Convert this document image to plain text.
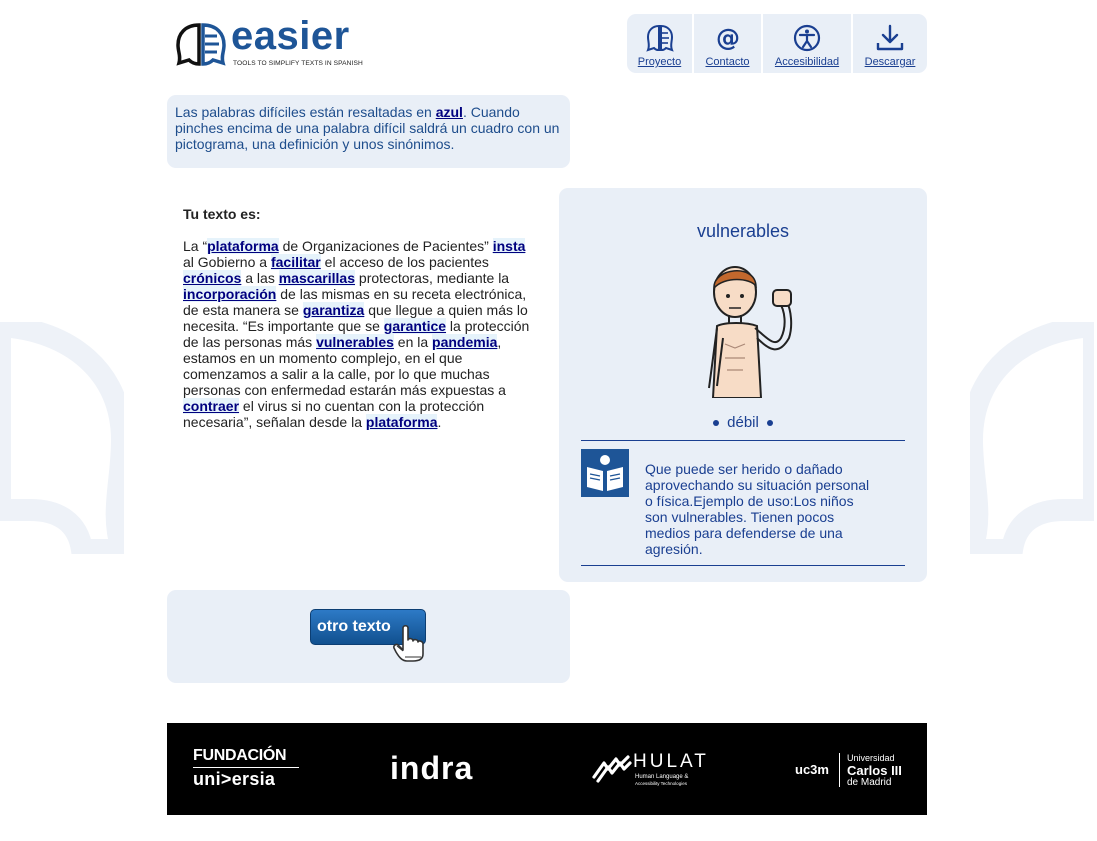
easier
TOOLS TO SIMPLIFY TEXTS IN SPANISH	Proyecto
@
Contacto Accesibilidad Descargar
Las palabras difíciles están resaltadas en azul. Cuando pinches encima de una palabra difícil saldrá un cuadro con un pictograma, una definición y unos sinónimos.
Tu texto es:
La “plataforma de Organizaciones de Pacientes” insta al Gobierno a facilitar el acceso de los pacientes crónicos a las mascarillas protectoras, mediante la incorporación de las mismas en su receta electrónica, de esta manera se garantiza que llegue a quien más lo necesita. “Es importante que se garantice la protección de las personas más vulnerables en la pandemia, estamos en un momento complejo, en el que comenzamos a salir a la calle, por lo que muchas personas con enfermedad estarán más expuestas a contraer el virus si no cuentan con la protección necesaria”, señalan desde la plataforma.
vulnerables
débil
Que puede ser herido o dañado aprovechando su situación personal o física.Ejemplo de uso:Los niños son vulnerables. Tienen pocos medios para defenderse de una agresión.
otro texto
FUNDACIÓN
uni>ersia	indra	HULAT
Human Language &
Accessibility Technologies
uc3m
Universidad
Carlos III
de Madrid
